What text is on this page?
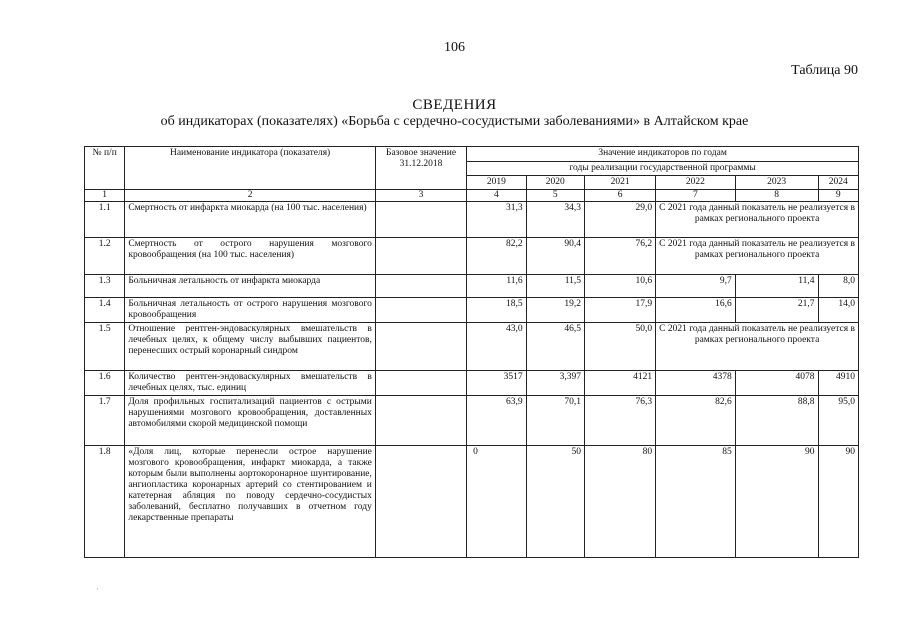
106
Таблица 90
СВЕДЕНИЯ
об индикаторах (показателях) «Борьба с сердечно-сосудистыми заболеваниями» в Алтайском крае
№ п/п	Наименование индикатора (показателя)	Базовое значение 31.12.2018	Значение индикаторов по годам					
			годы реализации государственной программы					
			2019	2020	2021	2022	2023	2024
1	2	3	4	5	6	7	8	9
1.1	Смертность от инфаркта миокарда (на 100 тыс. населения)		31,3	34,3	29,0	С 2021 года данный показатель не реализуется в рамках регионального проекта		
1.2	Смертность от острого нарушения мозгового кровообращения (на 100 тыс. населения)		82,2	90,4	76,2	С 2021 года данный показатель не реализуется в рамках регионального проекта		
1.3	Больничная летальность от инфаркта миокарда		11,6	11,5	10,6	9,7	11,4	8,0
1.4	Больничная летальность от острого нарушения мозгового кровообращения		18,5	19,2	17,9	16,6	21,7	14,0
1.5	Отношение рентген-эндоваскулярных вмешательств в лечебных целях, к общему числу выбывших пациентов, перенесших острый коронарный синдром		43,0	46,5	50,0	С 2021 года данный показатель не реализуется в рамках регионального проекта		
1.6	Количество рентген-эндоваскулярных вмешательств в лечебных целях, тыс. единиц		3517	3,397	4121	4378	4078	4910
1.7	Доля профильных госпитализаций пациентов с острыми нарушениями мозгового кровообращения, доставленных автомобилями скорой медицинской помощи		63,9	70,1	76,3	82,6	88,8	95,0
1.8	«Доля лиц, которые перенесли острое нарушение мозгового кровообращения, инфаркт миокарда, а также которым были выполнены аортокоронарное шунтирование, ангиопластика коронарных артерий со стентированием и катетерная абляция по поводу сердечно-сосудистых заболеваний, бесплатно получавших в отчетном году лекарственные препараты		0	50	80	85	90	90
·
